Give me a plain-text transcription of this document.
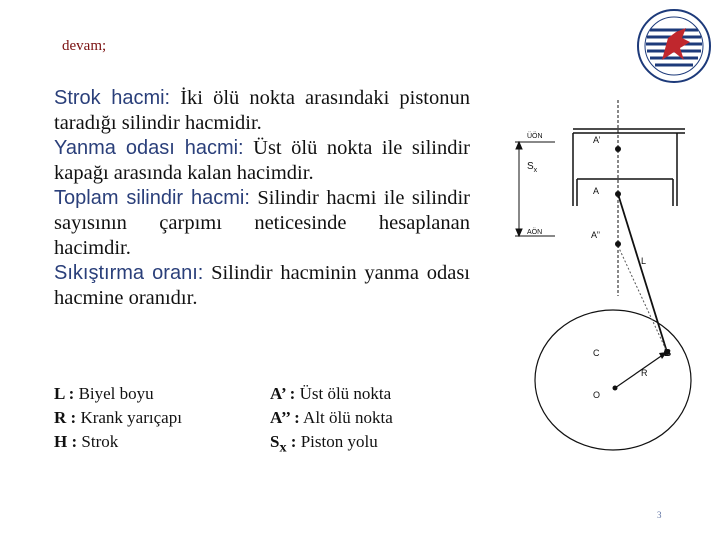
devam;

Strok hacmi: İki ölü nokta arasındaki pistonun taradığı silindir hacmidir.

Yanma odası hacmi: Üst ölü nokta ile silindir kapağı arasında kalan hacimdir.

Toplam silindir hacmi: Silindir hacmi ile silindir sayısının çarpımı neticesinde hesaplanan hacimdir.

Sıkıştırma oranı: Silindir hacminin yanma odası hacmine oranıdır.

L : Biyel boyu
R : Krank yarıçapı
H : Strok
A’ : Üst ölü nokta
A’’ : Alt ölü nokta
$S_x$ : Piston yolu
ÜÖN
AÖN
$S_x$
A’
A
A’’
L
C	B
R
O
3
